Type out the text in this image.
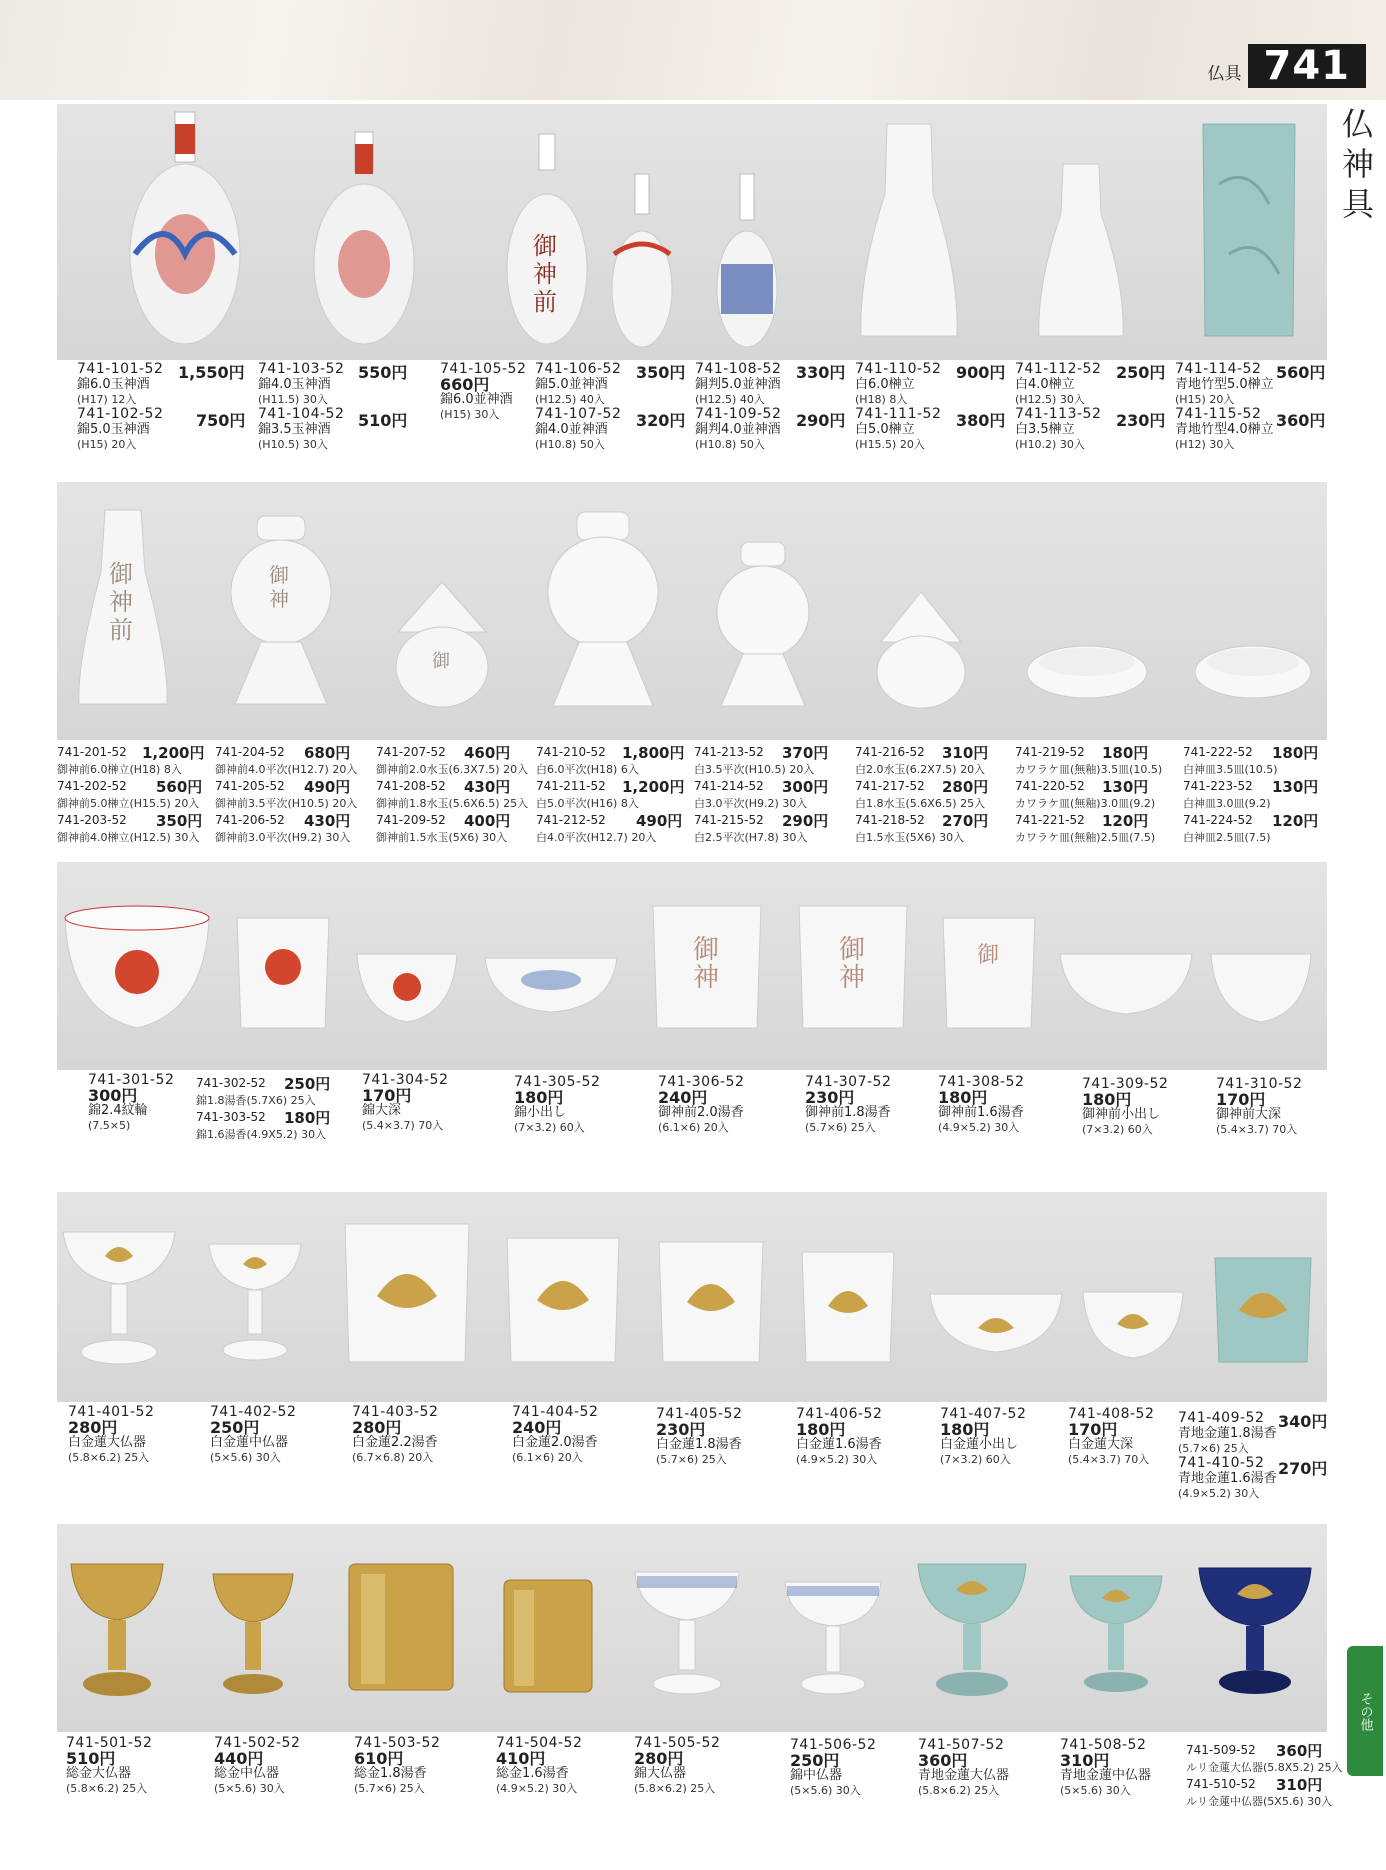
仏具 741
仏
神
具
その他
御
神
前
741-101-52
錦6.0玉神酒
(H17) 12入
741-102-52
錦5.0玉神酒
(H15) 20入
1,550円
750円
741-103-52
錦4.0玉神酒
(H11.5) 30入
741-104-52
錦3.5玉神酒
(H10.5) 30入
550円
510円
741-105-52
660円
錦6.0並神酒
(H15) 30入
741-106-52
錦5.0並神酒
(H12.5) 40入
741-107-52
錦4.0並神酒
(H10.8) 50入
350円
320円
741-108-52
銅判5.0並神酒
(H12.5) 40入
741-109-52
銅判4.0並神酒
(H10.8) 50入
330円
290円
741-110-52
白6.0榊立
(H18) 8入
741-111-52
白5.0榊立
(H15.5) 20入
900円
380円
741-112-52
白4.0榊立
(H12.5) 30入
741-113-52
白3.5榊立
(H10.2) 30入
250円
230円
741-114-52
青地竹型5.0榊立
(H15) 20入
741-115-52
青地竹型4.0榊立
(H12) 30入
560円
360円
御
神
前
御
神
御
741-201-52
御神前6.0榊立(H18) 8入
741-202-52
御神前5.0榊立(H15.5) 20入
741-203-52
御神前4.0榊立(H12.5) 30入
1,200円
560円
350円
741-204-52
御神前4.0平次(H12.7) 20入
741-205-52
御神前3.5平次(H10.5) 20入
741-206-52
御神前3.0平次(H9.2) 30入
680円
490円
430円
741-207-52
御神前2.0水玉(6.3X7.5) 20入
741-208-52
御神前1.8水玉(5.6X6.5) 25入
741-209-52
御神前1.5水玉(5X6) 30入
460円
430円
400円
741-210-52
白6.0平次(H18) 6入
741-211-52
白5.0平次(H16) 8入
741-212-52
白4.0平次(H12.7) 20入
1,800円
1,200円
490円
741-213-52
白3.5平次(H10.5) 20入
741-214-52
白3.0平次(H9.2) 30入
741-215-52
白2.5平次(H7.8) 30入
370円
300円
290円
741-216-52
白2.0水玉(6.2X7.5) 20入
741-217-52
白1.8水玉(5.6X6.5) 25入
741-218-52
白1.5水玉(5X6) 30入
310円
280円
270円
741-219-52
カワラケ皿(無釉)3.5皿(10.5)
741-220-52
カワラケ皿(無釉)3.0皿(9.2)
741-221-52
カワラケ皿(無釉)2.5皿(7.5)
180円
130円
120円
741-222-52
白神皿3.5皿(10.5)
741-223-52
白神皿3.0皿(9.2)
741-224-52
白神皿2.5皿(7.5)
180円
130円
120円
御
神
御
神
御
741-301-52
300円
錦2.4紋輪
(7.5×5)
741-302-52
錦1.8湯香(5.7X6) 25入
741-303-52
錦1.6湯香(4.9X5.2) 30入
250円
180円
741-304-52
170円
錦大深
(5.4×3.7) 70入
741-305-52
180円
錦小出し
(7×3.2) 60入
741-306-52
240円
御神前2.0湯香
(6.1×6) 20入
741-307-52
230円
御神前1.8湯香
(5.7×6) 25入
741-308-52
180円
御神前1.6湯香
(4.9×5.2) 30入
741-309-52
180円
御神前小出し
(7×3.2) 60入
741-310-52
170円
御神前大深
(5.4×3.7) 70入
741-401-52
280円
白金蓮大仏器
(5.8×6.2) 25入
741-402-52
250円
白金蓮中仏器
(5×5.6) 30入
741-403-52
280円
白金蓮2.2湯香
(6.7×6.8) 20入
741-404-52
240円
白金蓮2.0湯香
(6.1×6) 20入
741-405-52
230円
白金蓮1.8湯香
(5.7×6) 25入
741-406-52
180円
白金蓮1.6湯香
(4.9×5.2) 30入
741-407-52
180円
白金蓮小出し
(7×3.2) 60入
741-408-52
170円
白金蓮大深
(5.4×3.7) 70入
741-409-52
青地金蓮1.8湯香
(5.7×6) 25入
741-410-52
青地金蓮1.6湯香
(4.9×5.2) 30入
340円
270円
741-501-52
510円
総金大仏器
(5.8×6.2) 25入
741-502-52
440円
総金中仏器
(5×5.6) 30入
741-503-52
610円
総金1.8湯香
(5.7×6) 25入
741-504-52
410円
総金1.6湯香
(4.9×5.2) 30入
741-505-52
280円
錦大仏器
(5.8×6.2) 25入
741-506-52
250円
錦中仏器
(5×5.6) 30入
741-507-52
360円
青地金蓮大仏器
(5.8×6.2) 25入
741-508-52
310円
青地金蓮中仏器
(5×5.6) 30入
741-509-52
ルリ金蓮大仏器(5.8X5.2) 25入
741-510-52
ルリ金蓮中仏器(5X5.6) 30入
360円
310円
